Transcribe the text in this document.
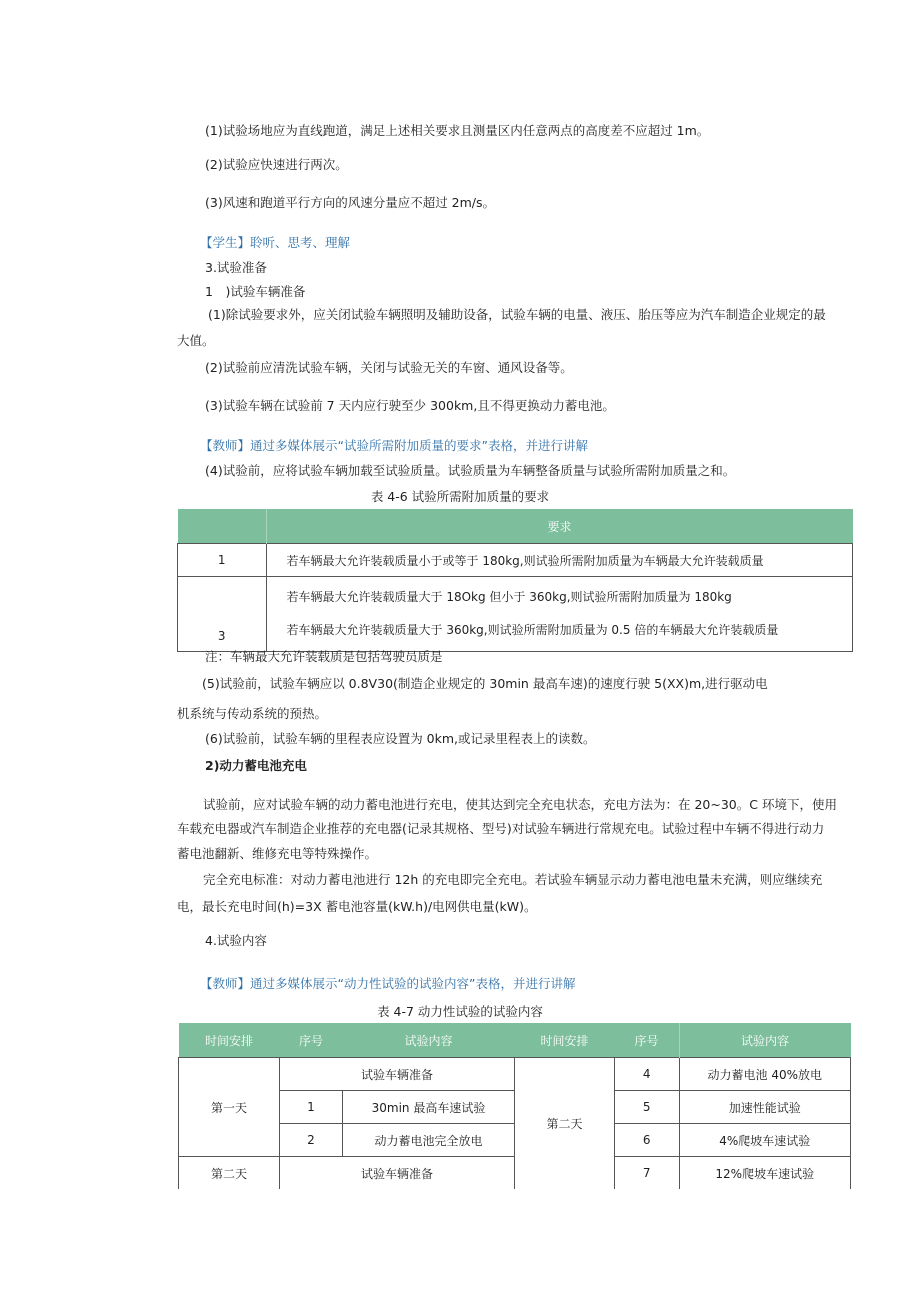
(1)试验场地应为直线跑道，满足上述相关要求且测量区内任意两点的高度差不应超过 1m。
(2)试验应快速进行两次。
(3)风速和跑道平行方向的风速分量应不超过 2m/s。
【学生】聆听、思考、理解
3.试验准备
1　)试验车辆准备
(1)除试验要求外，应关闭试验车辆照明及辅助设备，试验车辆的电量、液压、胎压等应为汽车制造企业规定的最
大值。
(2)试验前应清洗试验车辆，关闭与试验无关的车窗、通风设备等。
(3)试验车辆在试验前 7 天内应行驶至少 300km,且不得更换动力蓄电池。
【教师】通过多媒体展示“试验所需附加质量的要求”表格，并进行讲解
(4)试验前，应将试验车辆加载至试验质量。试验质量为车辆整备质量与试验所需附加质量之和。
表 4-6 试验所需附加质量的要求
	要求
1	若车辆最大允许装载质量小于或等于 180kg,则试验所需附加质量为车辆最大允许装载质量
3	若车辆最大允许装载质量大于 18Okg 但小于 360kg,则试验所需附加质量为 180kg
若车辆最大允许装载质量大于 360kg,则试验所需附加质量为 0.5 倍的车辆最大允许装载质量
注：车辆最大允许装载质是包括驾驶员质是
(5)试验前，试验车辆应以 0.8V30(制造企业规定的 30min 最高车速)的速度行驶 5(XX)m,进行驱动电
机系统与传动系统的预热。
(6)试验前，试验车辆的里程表应设置为 0km,或记录里程表上的读数。
2)动力蓄电池充电
试验前，应对试验车辆的动力蓄电池进行充电，使其达到完全充电状态，充电方法为：在 20~30。C 环境下，使用
车载充电器或汽车制造企业推荐的充电器(记录其规格、型号)对试验车辆进行常规充电。试验过程中车辆不得进行动力
蓄电池翻新、维修充电等特殊操作。
完全充电标准：对动力蓄电池进行 12h 的充电即完全充电。若试验车辆显示动力蓄电池电量未充满，则应继续充
电，最长充电时间(h)=3X 蓄电池容量(kW.h)/电网供电量(kW)。
4.试验内容
【教师】通过多媒体展示“动力性试验的试验内容”表格，并进行讲解
表 4-7 动力性试验的试验内容
时间安排	序号	试验内容	时间安排	序号	试验内容
第一天	试验车辆准备		第二天	4	动力蓄电池 40%放电
	1	30min 最高车速试验		5	加速性能试验
	2	动力蓄电池完全放电		6	4%爬坡车速试验
第二天	试验车辆准备			7	12%爬坡车速试验
